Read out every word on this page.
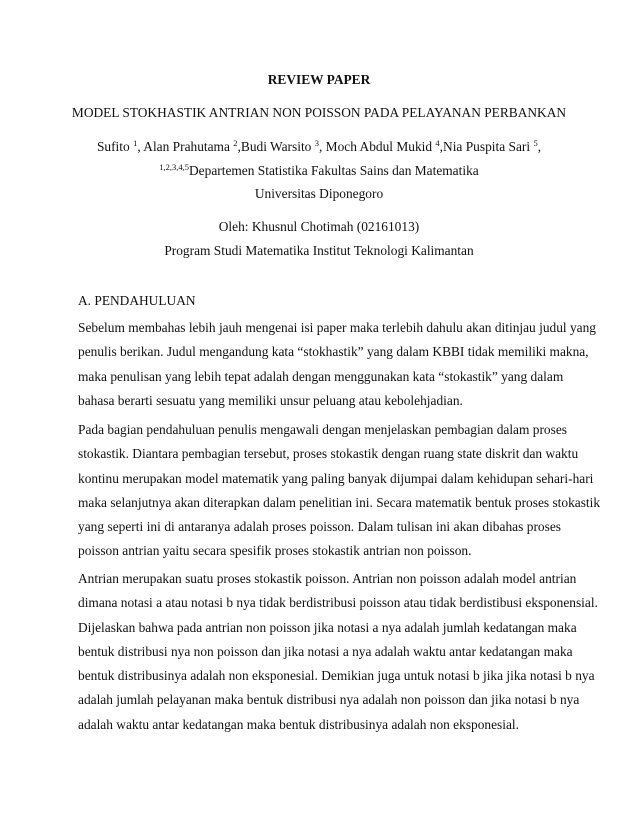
REVIEW PAPER

MODEL STOKHASTIK ANTRIAN NON POISSON PADA PELAYANAN PERBANKAN

Sufito $^1$, Alan Prahutama $^2$,Budi Warsito $^3$, Moch Abdul Mukid $^4$,Nia Puspita Sari $^5$,

$^{1,2,3,4,5}$Departemen Statistika Fakultas Sains dan Matematika

Universitas Diponegoro

Oleh: Khusnul Chotimah (02161013)

Program Studi Matematika Institut Teknologi Kalimantan

A. PENDAHULUAN

Sebelum membahas lebih jauh mengenai isi paper maka terlebih dahulu akan ditinjau judul yang
penulis berikan. Judul mengandung kata “stokhastik” yang dalam KBBI tidak memiliki makna,
maka penulisan yang lebih tepat adalah dengan menggunakan kata “stokastik” yang dalam
bahasa berarti sesuatu yang memiliki unsur peluang atau kebolehjadian.
Pada bagian pendahuluan penulis mengawali dengan menjelaskan pembagian dalam proses
stokastik. Diantara pembagian tersebut, proses stokastik dengan ruang state diskrit dan waktu
kontinu merupakan model matematik yang paling banyak dijumpai dalam kehidupan sehari-hari
maka selanjutnya akan diterapkan dalam penelitian ini. Secara matematik bentuk proses stokastik
yang seperti ini di antaranya adalah proses poisson. Dalam tulisan ini akan dibahas proses
poisson antrian yaitu secara spesifik proses stokastik antrian non poisson.
Antrian merupakan suatu proses stokastik poisson. Antrian non poisson adalah model antrian
dimana notasi a atau notasi b nya tidak berdistribusi poisson atau tidak berdistibusi eksponensial.
Dijelaskan bahwa pada antrian non poisson jika notasi a nya adalah jumlah kedatangan maka
bentuk distribusi nya non poisson dan jika notasi a nya adalah waktu antar kedatangan maka
bentuk distribusinya adalah non eksponesial. Demikian juga untuk notasi b jika jika notasi b nya
adalah jumlah pelayanan maka bentuk distribusi nya adalah non poisson dan jika notasi b nya
adalah waktu antar kedatangan maka bentuk distribusinya adalah non eksponesial.
